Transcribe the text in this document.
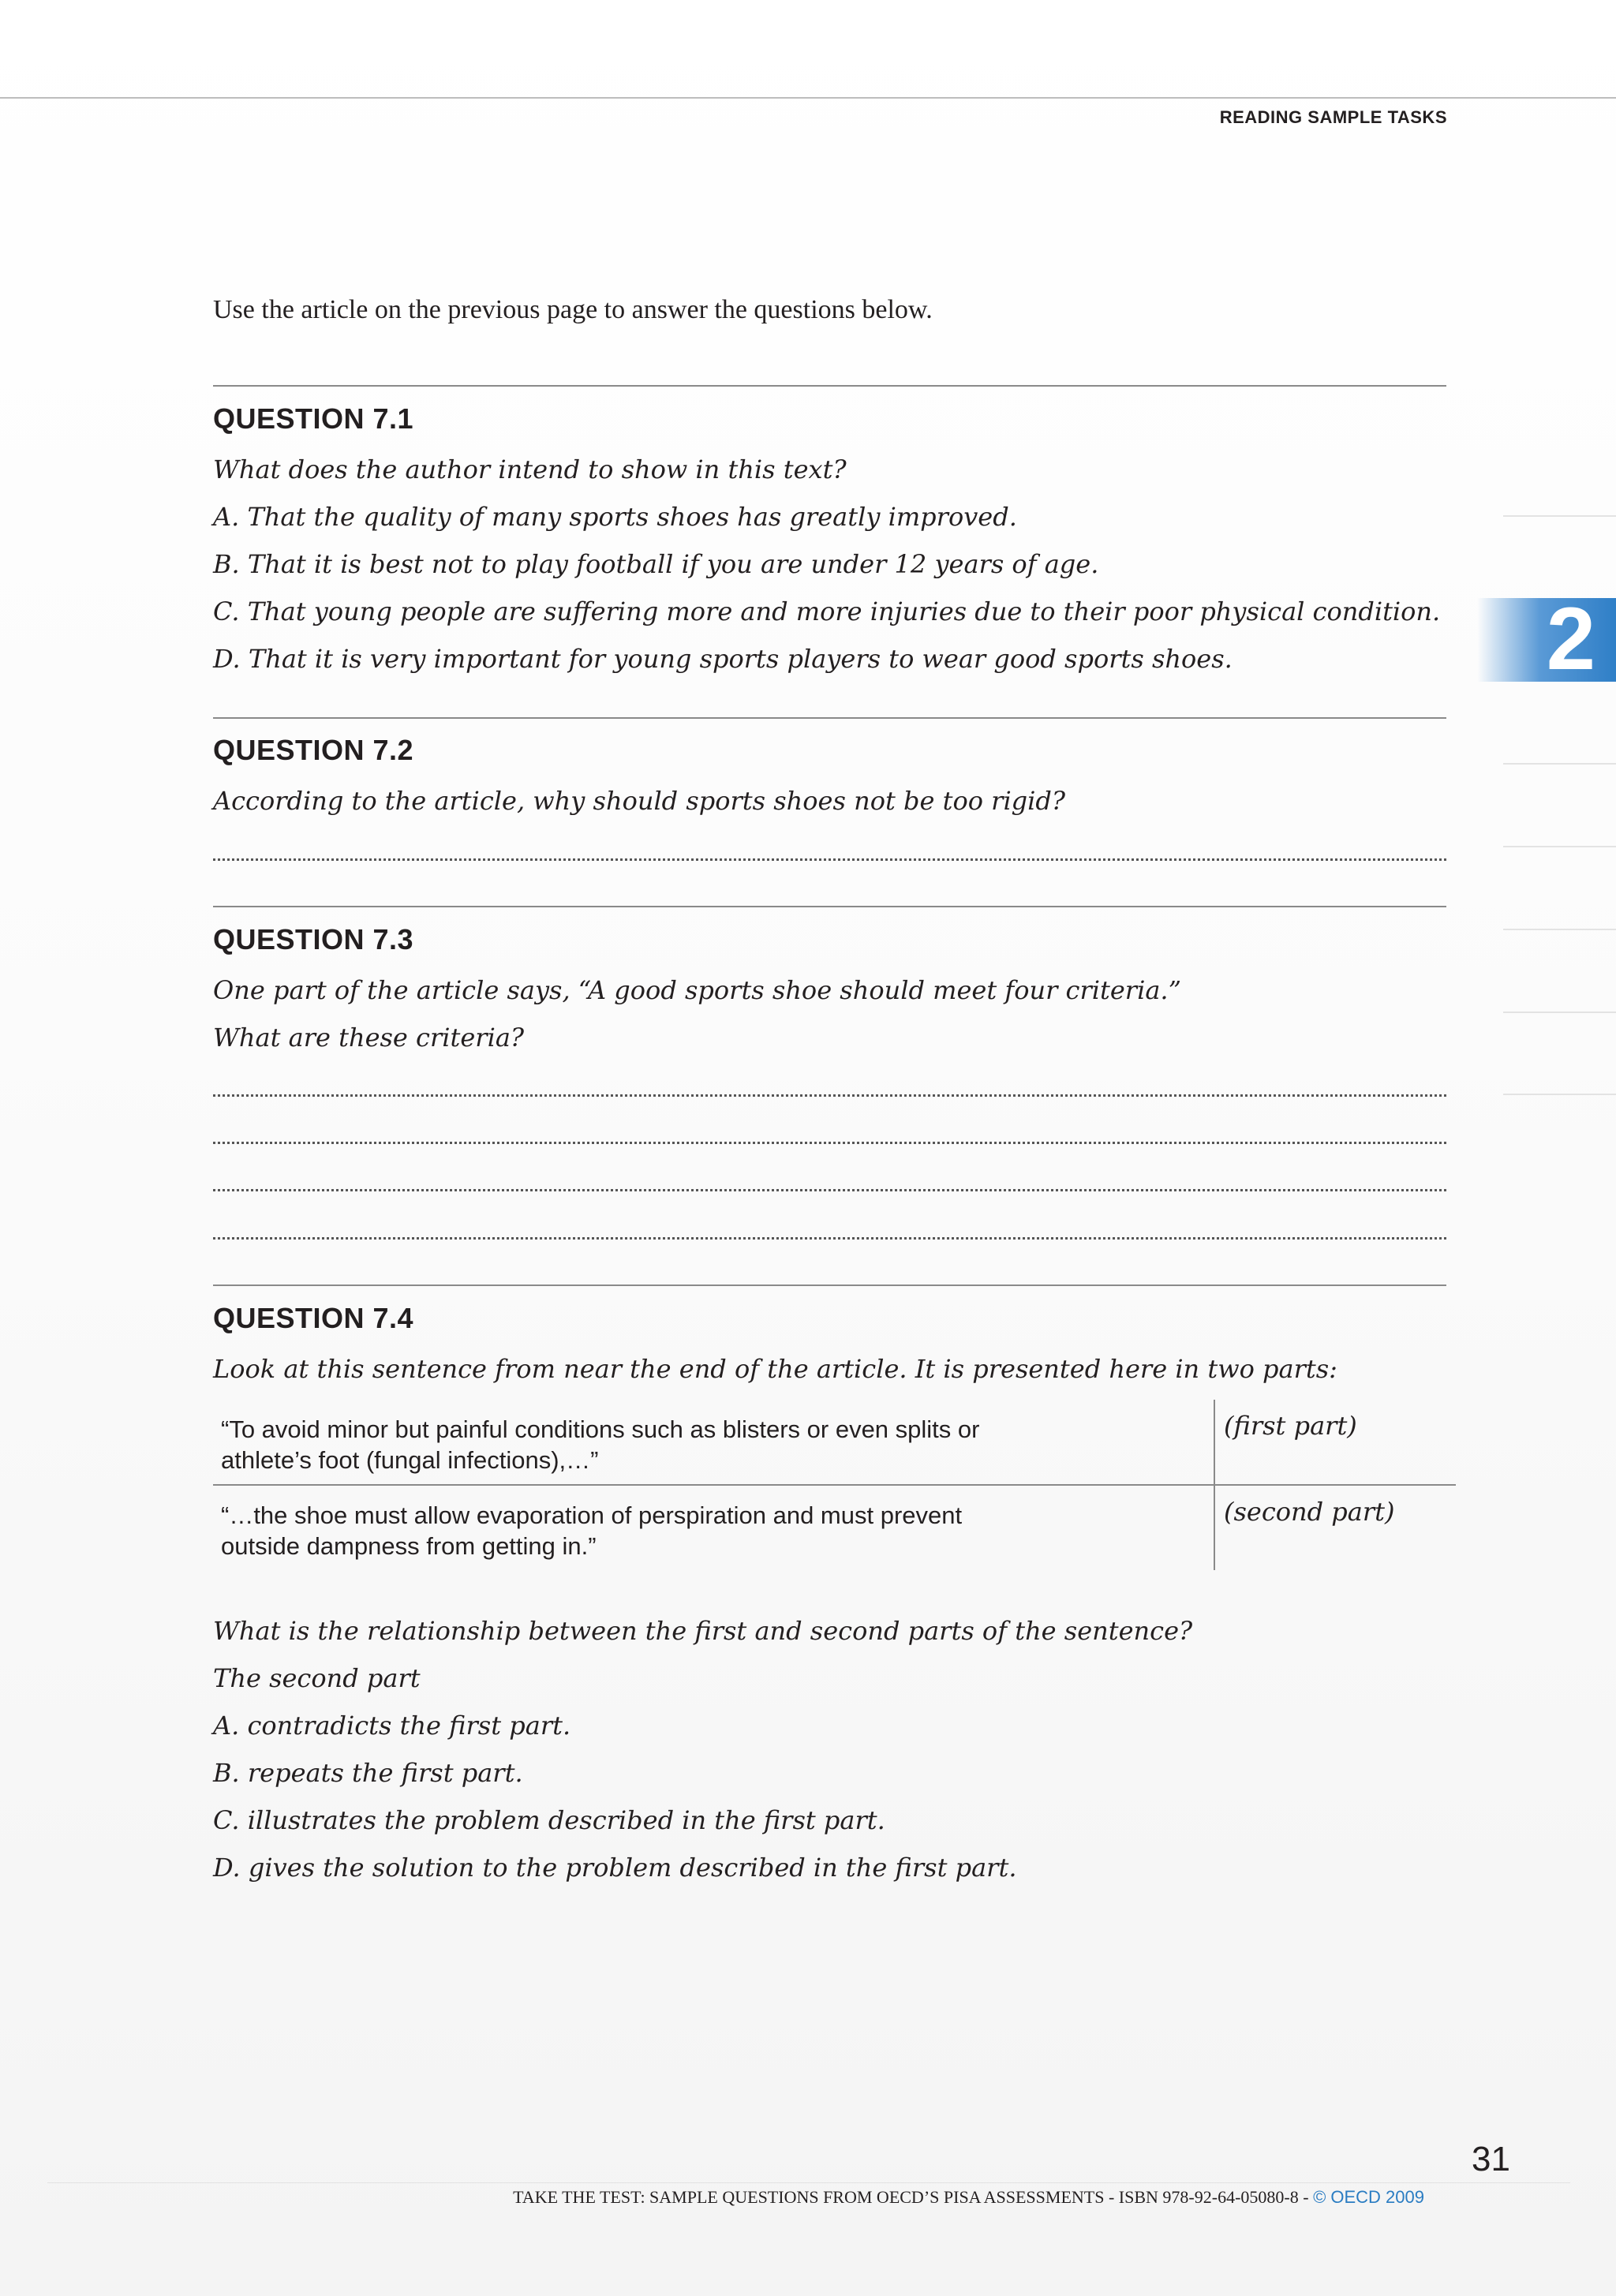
READING SAMPLE TASKS
2
Use the article on the previous page to answer the questions below.
QUESTION 7.1
What does the author intend to show in this text?
A. That the quality of many sports shoes has greatly improved.
B. That it is best not to play football if you are under 12 years of age.
C. That young people are suffering more and more injuries due to their poor physical condition.
D. That it is very important for young sports players to wear good sports shoes.
QUESTION 7.2
According to the article, why should sports shoes not be too rigid?
QUESTION 7.3
One part of the article says, “A good sports shoe should meet four criteria.”
What are these criteria?
QUESTION 7.4
Look at this sentence from near the end of the article. It is presented here in two parts:
“To avoid minor but painful conditions such as blisters or even splits or
athlete’s foot (fungal infections),…”
(first part)
“…the shoe must allow evaporation of perspiration and must prevent
outside dampness from getting in.”
(second part)
What is the relationship between the first and second parts of the sentence?
The second part
A. contradicts the first part.
B. repeats the first part.
C. illustrates the problem described in the first part.
D. gives the solution to the problem described in the first part.
31
TAKE THE TEST: SAMPLE QUESTIONS FROM OECD’S PISA ASSESSMENTS - ISBN 978-92-64-05080-8 - © OECD 2009
